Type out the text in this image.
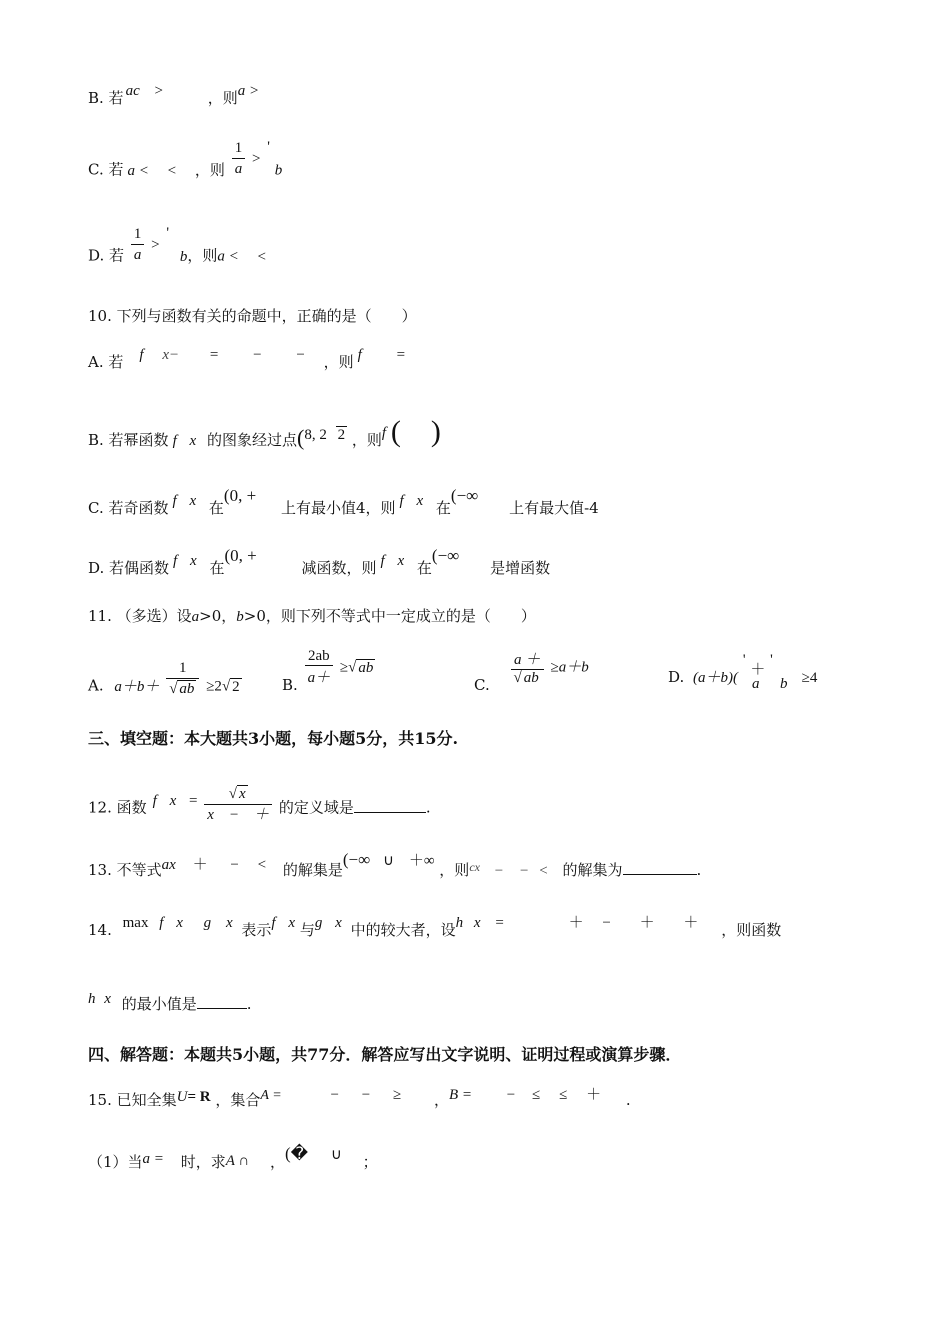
B. 若 ac >	，则a >
C. 若 a < < ，则 $\frac{1}{a}$ > ' b
D. 若 $\frac{1}{a}$ > ' b，则a < <
10. 下列与函数有关的命题中，正确的是（　　）
A. 若 f x− = − − ，则 f =
B. 若幂函数 f x 的图象经过点(8, 2 2 ，则f (　)
C. 若奇函数 f x 在(0, + 上有最小值4，则 f x 在(−∞ 上有最大值-4
D. 若偶函数 f x 在(0, + 减函数，则 f x 在(−∞ 是增函数
11. （多选）设a>0，b>0，则下列不等式中一定成立的是（　　）
A. $a+b+ \frac{1}{√ ab} \ge 2√$ 2	B. $\frac{2ab}{a+}$ ≥√ ab
C. $\frac{a +}{√ ab} \ge a+b$
D. (a＋b)( ' ＋ '
a b ≥4
三、填空题：本大题共3小题，每小题5分，共15分.
12. 函数 f $x = \frac{√ x}{x - +}$ 的定义域是	.
13. 不等式ax ＋ − < 的解集是(−∞ ∪ ＋∞ ，则$^{cx}$ − − < 的解集为	.
14. max f x g x 表示f x 与g x 中的较大者，设h x =	＋ − ＋ ＋ ，则函数
h x 的最小值是	.
四、解答题：本题共5小题，共77分．解答应写出文字说明、证明过程或演算步骤．
15. 已知全集U= R ，集合A =	− − ≥ ，B = − ≤ ≤ ＋ .
（1）当a = 时，求A ∩ ，(� ∪ ；
